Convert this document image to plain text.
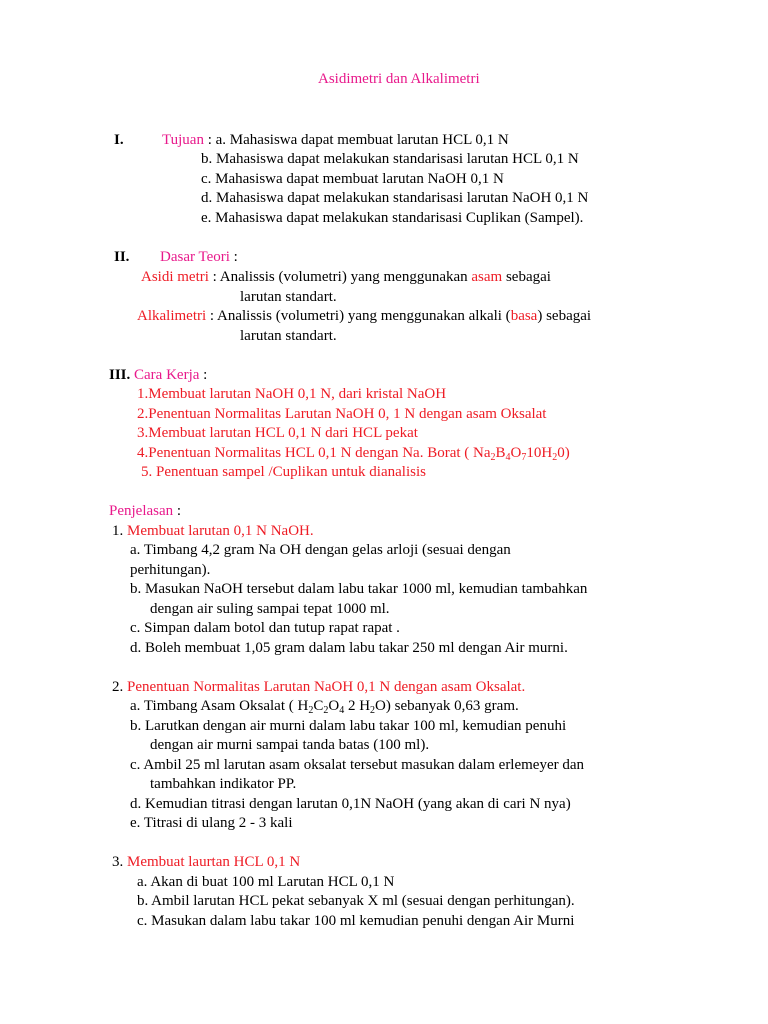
Asidimetri dan Alkalimetri
I.	Tujuan : a. Mahasiswa dapat membuat larutan HCL 0,1 N
b. Mahasiswa dapat melakukan standarisasi larutan HCL 0,1 N
c. Mahasiswa dapat membuat larutan NaOH 0,1 N
d. Mahasiswa dapat melakukan standarisasi larutan NaOH 0,1 N
e. Mahasiswa dapat melakukan standarisasi Cuplikan (Sampel).
II. Dasar Teori :
Asidi metri : Analissis (volumetri) yang menggunakan asam sebagai
larutan standart.
Alkalimetri : Analissis (volumetri) yang menggunakan alkali (basa) sebagai
larutan standart.
III. Cara Kerja :
1.Membuat larutan NaOH 0,1 N, dari kristal NaOH
2.Penentuan Normalitas Larutan NaOH 0, 1 N dengan asam Oksalat
3.Membuat larutan HCL 0,1 N dari HCL pekat
4.Penentuan Normalitas HCL 0,1 N dengan Na. Borat ( $Na_2B_4O_710H_20$)
5. Penentuan sampel /Cuplikan untuk dianalisis
Penjelasan :
1. Membuat larutan 0,1 N NaOH.
a. Timbang 4,2 gram Na OH dengan gelas arloji (sesuai dengan
perhitungan).
b. Masukan NaOH tersebut dalam labu takar 1000 ml, kemudian tambahkan
dengan air suling sampai tepat 1000 ml.
c. Simpan dalam botol dan tutup rapat rapat .
d. Boleh membuat 1,05 gram dalam labu takar 250 ml dengan Air murni.
2. Penentuan Normalitas Larutan NaOH 0,1 N dengan asam Oksalat.
a. Timbang Asam Oksalat ( $H_2C_2O_4$ 2 $H_2O$) sebanyak 0,63 gram.
b. Larutkan dengan air murni dalam labu takar 100 ml, kemudian penuhi
dengan air murni sampai tanda batas (100 ml).
c. Ambil 25 ml larutan asam oksalat tersebut masukan dalam erlemeyer dan
tambahkan indikator PP.
d. Kemudian titrasi dengan larutan 0,1N NaOH (yang akan di cari N nya)
e. Titrasi di ulang 2 - 3 kali
3. Membuat laurtan HCL 0,1 N
a. Akan di buat 100 ml Larutan HCL 0,1 N
b. Ambil larutan HCL pekat sebanyak X ml (sesuai dengan perhitungan).
c. Masukan dalam labu takar 100 ml kemudian penuhi dengan Air Murni
